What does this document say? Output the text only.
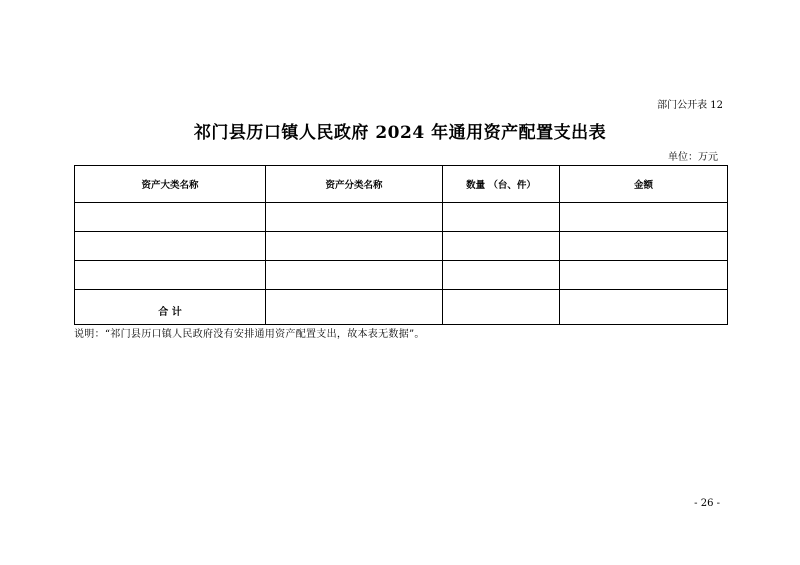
部门公开表 12
祁门县历口镇人民政府 2024 年通用资产配置支出表
单位：万元
资产大类名称	资产分类名称	数量 （台、件）	金额

合 计			
说明：“祁门县历口镇人民政府没有安排通用资产配置支出，故本表无数据”。
- 26 -
